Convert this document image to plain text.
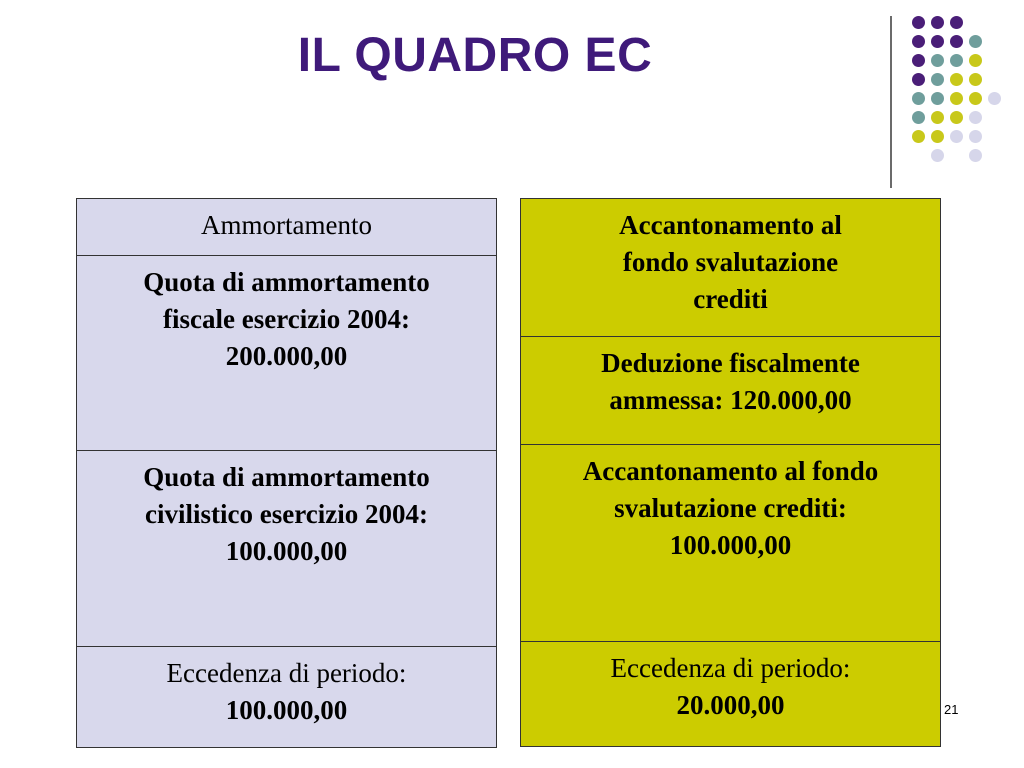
IL QUADRO EC
Ammortamento

Quota di ammortamento
fiscale esercizio 2004:
200.000,00

Quota di ammortamento
civilistico esercizio 2004:
100.000,00

Eccedenza di periodo:
100.000,00
Accantonamento al
fondo svalutazione
crediti

Deduzione fiscalmente
ammessa: 120.000,00

Accantonamento al fondo
svalutazione crediti:
100.000,00

Eccedenza di periodo:
20.000,00	21
